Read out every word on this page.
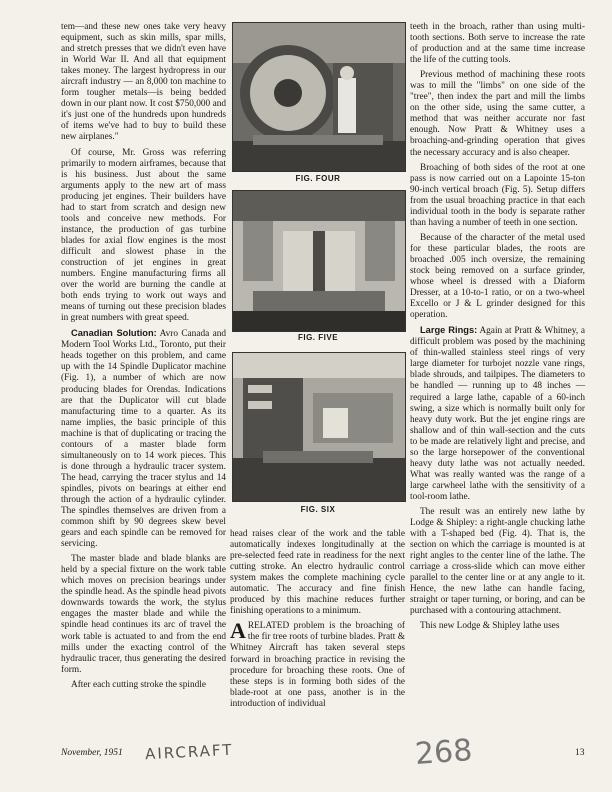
tem—and these new ones take very heavy equipment, such as skin mills, spar mills, and stretch presses that we didn't even have in World War II. And all that equipment takes money. The largest hydropress in our aircraft industry — an 8,000 ton machine to form tougher metals—is being bedded down in our plant now. It cost $750,000 and it's just one of the hundreds upon hundreds of items we've had to buy to build these new airplanes."

Of course, Mr. Gross was referring primarily to modern airframes, because that is his business. Just about the same arguments apply to the new art of mass producing jet engines. Their builders have had to start from scratch and design new tools and conceive new methods. For instance, the production of gas turbine blades for axial flow engines is the most difficult and slowest phase in the construction of jet engines in great numbers. Engine manufacturing firms all over the world are burning the candle at both ends trying to work out ways and means of turning out these precision blades in great numbers with great speed.

Canadian Solution: Avro Canada and Modern Tool Works Ltd., Toronto, put their heads together on this problem, and came up with the 14 Spindle Duplicator machine (Fig. 1), a number of which are now producing blades for Orendas. Indications are that the Duplicator will cut blade manufacturing time to a quarter. As its name implies, the basic principle of this machine is that of duplicating or tracing the contours of a master blade form simultaneously on to 14 work pieces. This is done through a hydraulic tracer system. The head, carrying the tracer stylus and 14 spindles, pivots on bearings at either end through the action of a hydraulic cylinder. The spindles themselves are driven from a common shift by 90 degrees skew bevel gears and each spindle can be removed for servicing.

The master blade and blade blanks are held by a special fixture on the work table which moves on precision bearings under the spindle head. As the spindle head pivots downwards towards the work, the stylus engages the master blade and while the spindle head continues its arc of travel the work table is actuated to and from the end mills under the exacting control of the hydraulic tracer, thus generating the desired form.

After each cutting stroke the spindle

FIG. FOUR
FIG. FIVE
FIG. SIX

head raises clear of the work and the table automatically indexes longitudinally at the pre-selected feed rate in readiness for the next cutting stroke. An electro hydraulic control system makes the complete machining cycle automatic. The accuracy and fine finish produced by this machine reduces further finishing operations to a minimum.

A RELATED problem is the broaching of the fir tree roots of turbine blades. Pratt & Whitney Aircraft has taken several steps forward in broaching practice in revising the procedure for broaching these roots. One of these steps is in forming both sides of the blade-root at one pass, another is in the introduction of individual

teeth in the broach, rather than using multi-tooth sections. Both serve to increase the rate of production and at the same time increase the life of the cutting tools.

Previous method of machining these roots was to mill the "limbs" on one side of the "tree", then index the part and mill the limbs on the other side, using the same cutter, a method that was neither accurate nor fast enough. Now Pratt & Whitney uses a broaching-and-grinding operation that gives the necessary accuracy and is also cheaper.

Broaching of both sides of the root at one pass is now carried out on a Lapointe 15-ton 90-inch vertical broach (Fig. 5). Setup differs from the usual broaching practice in that each individual tooth in the body is separate rather than having a number of teeth in one section.

Because of the character of the metal used for these particular blades, the roots are broached .005 inch oversize, the remaining stock being removed on a surface grinder, whose wheel is dressed with a Diaform Dresser, at a 10-to-1 ratio, or on a two-wheel Excello or J & L grinder designed for this operation.

Large Rings: Again at Pratt & Whitney, a difficult problem was posed by the machining of thin-walled stainless steel rings of very large diameter for turbojet nozzle vane rings, blade shrouds, and tailpipes. The diameters to be handled — running up to 48 inches — required a large lathe, capable of a 60-inch swing, a size which is normally built only for heavy duty work. But the jet engine rings are shallow and of thin wall-section and the cuts to be made are relatively light and precise, and so the large horsepower of the conventional heavy duty lathe was not actually needed. What was really wanted was the range of a large carwheel lathe with the sensitivity of a tool-room lathe.

The result was an entirely new lathe by Lodge & Shipley: a right-angle chucking lathe with a T-shaped bed (Fig. 4). That is, the section on which the carriage is mounted is at right angles to the center line of the lathe. The carriage a cross-slide which can move either parallel to the center line or at any angle to it. Hence, the new lathe can handle facing, straight or taper turning, or boring, and can be purchased with a contouring attachment.

This new Lodge & Shipley lathe uses

November, 1951 AIRCRAFT	268	13
